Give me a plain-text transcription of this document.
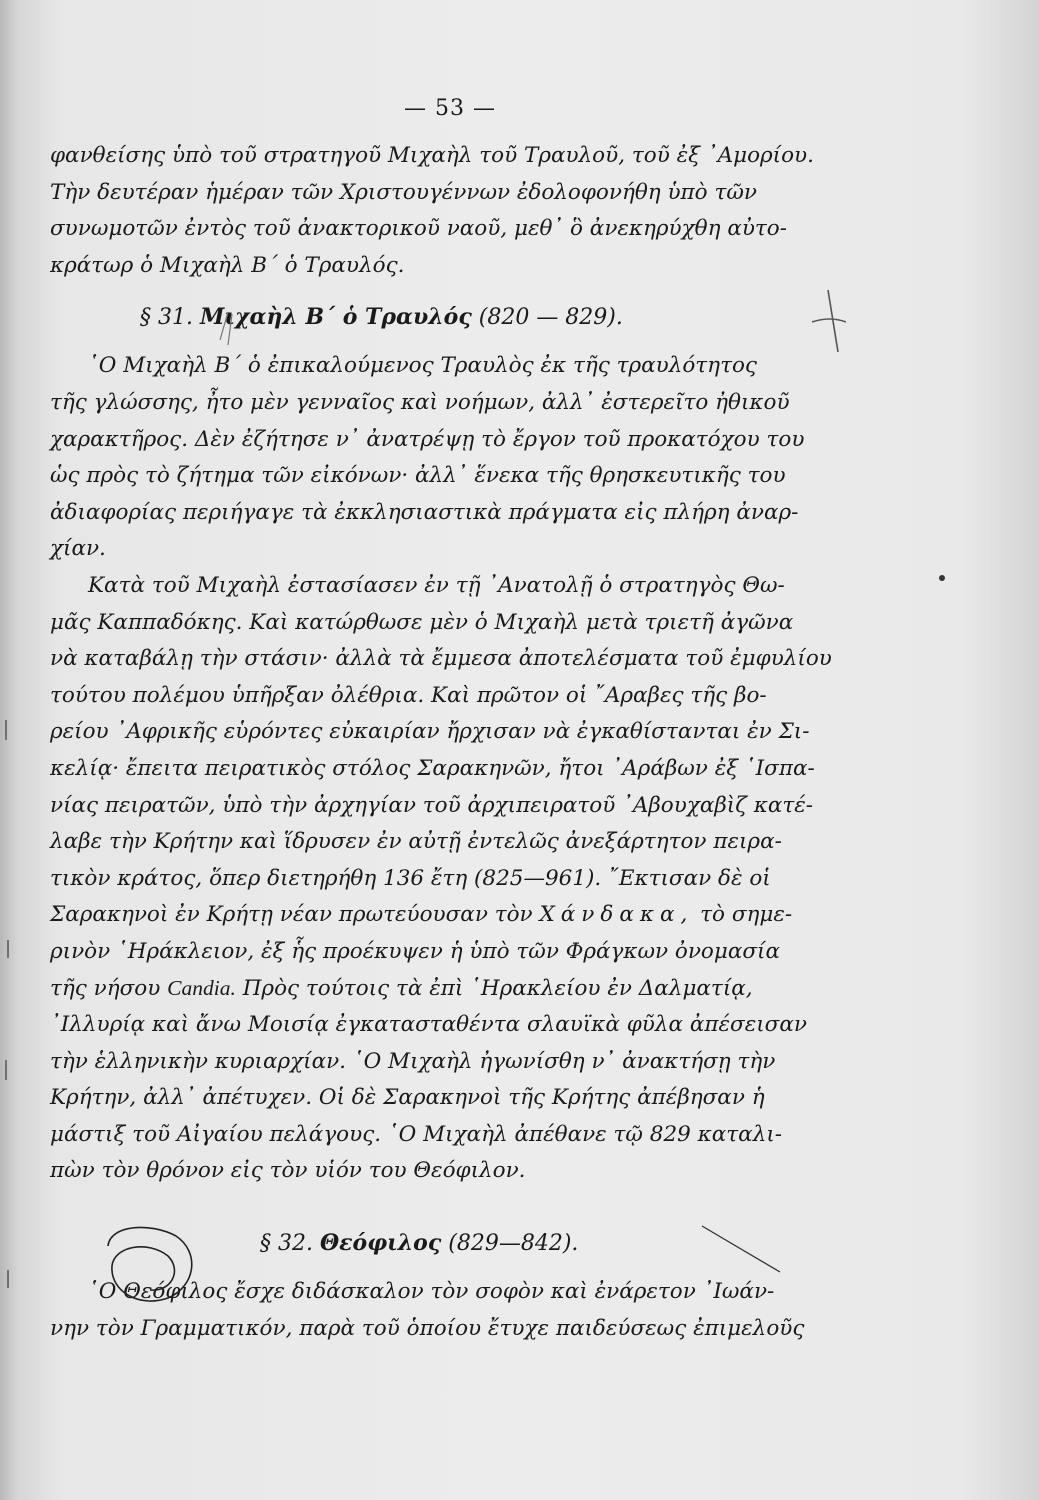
— 53 —
φανθείσης ὑπὸ τοῦ στρατηγοῦ Μιχαὴλ τοῦ Τραυλοῦ, τοῦ ἐξ ᾿Αμορίου.
Τὴν δευτέραν ἡμέραν τῶν Χριστουγέννων ἐδολοφονήθη ὑπὸ τῶν
συνωμοτῶν ἐντὸς τοῦ ἀνακτορικοῦ ναοῦ, μεθ᾿ ὃ ἀνεκηρύχθη αὐτο-
κράτωρ ὁ Μιχαὴλ Β΄ ὁ Τραυλός.
§ 31. Μιχαὴλ Β΄ ὁ Τραυλός (820 — 829).
῾Ο Μιχαὴλ Β΄ ὁ ἐπικαλούμενος Τραυλὸς ἐκ τῆς τραυλότητος
τῆς γλώσσης, ἦτο μὲν γενναῖος καὶ νοήμων, ἀλλ᾿ ἐστερεῖτο ἠθικοῦ
χαρακτῆρος. Δὲν ἐζήτησε ν᾿ ἀνατρέψῃ τὸ ἔργον τοῦ προκατόχου του
ὡς πρὸς τὸ ζήτημα τῶν εἰκόνων· ἀλλ᾿ ἕνεκα τῆς θρησκευτικῆς του
ἀδιαφορίας περιήγαγε τὰ ἐκκλησιαστικὰ πράγματα εἰς πλήρη ἀναρ-
χίαν.
Κατὰ τοῦ Μιχαὴλ ἐστασίασεν ἐν τῇ ᾿Ανατολῇ ὁ στρατηγὸς Θω-
μᾶς Καππαδόκης. Καὶ κατώρθωσε μὲν ὁ Μιχαὴλ μετὰ τριετῆ ἀγῶνα
νὰ καταβάλῃ τὴν στάσιν· ἀλλὰ τὰ ἔμμεσα ἀποτελέσματα τοῦ ἐμφυλίου
τούτου πολέμου ὑπῆρξαν ὀλέθρια. Καὶ πρῶτον οἱ ῎Αραβες τῆς βο-
ρείου ᾿Αφρικῆς εὑρόντες εὐκαιρίαν ἤρχισαν νὰ ἐγκαθίστανται ἐν Σι-
κελίᾳ· ἔπειτα πειρατικὸς στόλος Σαρακηνῶν, ἤτοι ᾿Αράβων ἐξ ῾Ισπα-
νίας πειρατῶν, ὑπὸ τὴν ἀρχηγίαν τοῦ ἀρχιπειρατοῦ ᾿Αβουχαβὶζ κατέ-
λαβε τὴν Κρήτην καὶ ἵδρυσεν ἐν αὐτῇ ἐντελῶς ἀνεξάρτητον πειρα-
τικὸν κράτος, ὅπερ διετηρήθη 136 ἔτη (825—961). ῎Εκτισαν δὲ οἱ
Σαρακηνοὶ ἐν Κρήτῃ νέαν πρωτεύουσαν τὸν Χάνδακα, τὸ σημε-
ρινὸν ῾Ηράκλειον, ἐξ ἧς προέκυψεν ἡ ὑπὸ τῶν Φράγκων ὀνομασία
τῆς νήσου Candia. Πρὸς τούτοις τὰ ἐπὶ ῾Ηρακλείου ἐν Δαλματίᾳ,
᾿Ιλλυρίᾳ καὶ ἄνω Μοισίᾳ ἐγκατασταθέντα σλαυϊκὰ φῦλα ἀπέσεισαν
τὴν ἑλληνικὴν κυριαρχίαν. ῾Ο Μιχαὴλ ἠγωνίσθη ν᾿ ἀνακτήσῃ τὴν
Κρήτην, ἀλλ᾿ ἀπέτυχεν. Οἱ δὲ Σαρακηνοὶ τῆς Κρήτης ἀπέβησαν ἡ
μάστιξ τοῦ Αἰγαίου πελάγους. ῾Ο Μιχαὴλ ἀπέθανε τῷ 829 καταλι-
πὼν τὸν θρόνον εἰς τὸν υἱόν του Θεόφιλον.
§ 32. Θεόφιλος (829—842).
῾Ο Θεόφιλος ἔσχε διδάσκαλον τὸν σοφὸν καὶ ἐνάρετον ᾿Ιωάν-
νην τὸν Γραμματικόν, παρὰ τοῦ ὁποίου ἔτυχε παιδεύσεως ἐπιμελοῦς
